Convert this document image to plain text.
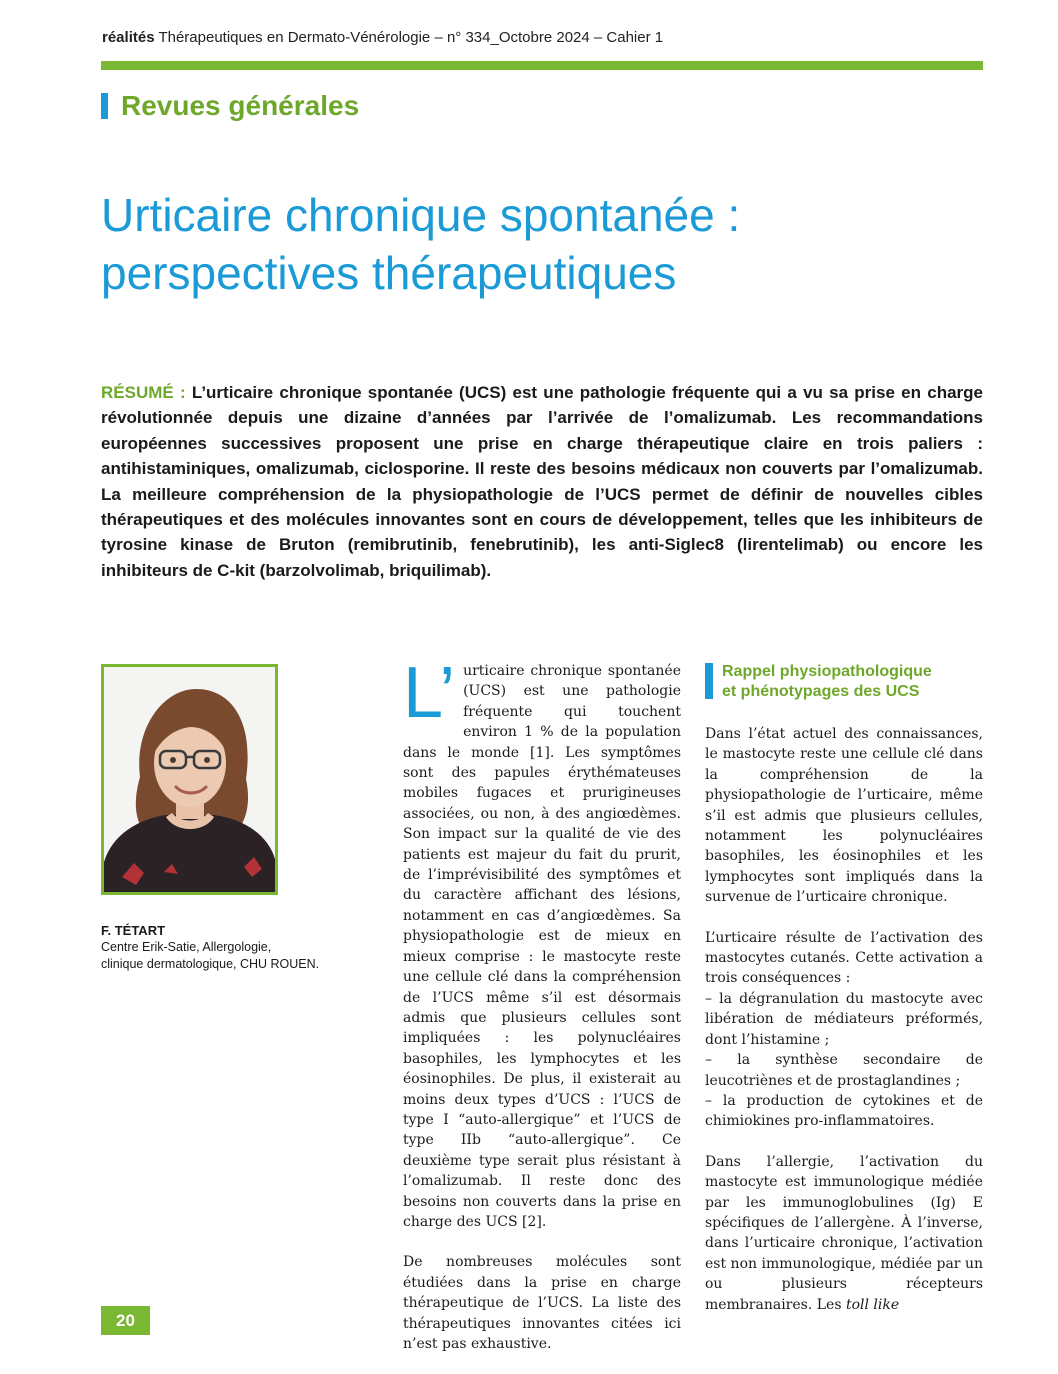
réalités Thérapeutiques en Dermato-Vénérologie – n° 334_Octobre 2024 – Cahier 1
Revues générales
Urticaire chronique spontanée :
perspectives thérapeutiques

RÉSUMÉ : L’urticaire chronique spontanée (UCS) est une pathologie fréquente qui a vu sa prise en charge révolutionnée depuis une dizaine d’années par l’arrivée de l’omalizumab. Les recommandations européennes successives proposent une prise en charge thérapeutique claire en trois paliers : antihistaminiques, omalizumab, ciclosporine. Il reste des besoins médicaux non couverts par l’omalizumab. La meilleure compréhension de la physiopathologie de l’UCS permet de définir de nouvelles cibles thérapeutiques et des molécules innovantes sont en cours de développement, telles que les inhibiteurs de tyrosine kinase de Bruton (remibrutinib, fenebrutinib), les anti-Siglec8 (lirentelimab) ou encore les inhibiteurs de C-kit (barzolvolimab, briquilimab).

F. TÉTART
Centre Erik-Satie, Allergologie,
clinique dermatologique, CHU ROUEN.

L’ urticaire chronique spontanée (UCS) est une pathologie fréquente qui touchent environ 1 % de la population dans le monde [1]. Les symptômes sont des papules érythémateuses mobiles fugaces et prurigineuses associées, ou non, à des angiœdèmes. Son impact sur la qualité de vie des patients est majeur du fait du prurit, de l’imprévisibilité des symptômes et du caractère affichant des lésions, notamment en cas d’angiœdèmes. Sa physiopathologie est de mieux en mieux comprise : le mastocyte reste une cellule clé dans la compréhension de l’UCS même s’il est désormais admis que plusieurs cellules sont impliquées : les polynucléaires basophiles, les lymphocytes et les éosinophiles. De plus, il existerait au moins deux types d’UCS : l’UCS de type I “auto-allergique” et l’UCS de type IIb “auto-allergique”. Ce deuxième type serait plus résistant à l’omalizumab. Il reste donc des besoins non couverts dans la prise en charge des UCS [2].

De nombreuses molécules sont étudiées dans la prise en charge thérapeutique de l’UCS. La liste des thérapeutiques innovantes citées ici n’est pas exhaustive.

Rappel physiopathologique
et phénotypages des UCS

Dans l’état actuel des connaissances, le mastocyte reste une cellule clé dans la compréhension de la physiopathologie de l’urticaire, même s’il est admis que plusieurs cellules, notamment les polynucléaires basophiles, les éosinophiles et les lymphocytes sont impliqués dans la survenue de l’urticaire chronique.

L’urticaire résulte de l’activation des mastocytes cutanés. Cette activation a trois conséquences :
– la dégranulation du mastocyte avec libération de médiateurs préformés, dont l’histamine ;
– la synthèse secondaire de leucotriènes et de prostaglandines ;
– la production de cytokines et de chimiokines pro-inflammatoires.

Dans l’allergie, l’activation du mastocyte est immunologique médiée par les immunoglobulines (Ig) E spécifiques de l’allergène. À l’inverse, dans l’urticaire chronique, l’activation est non immunologique, médiée par un ou plusieurs récepteurs membranaires. Les toll like

20
